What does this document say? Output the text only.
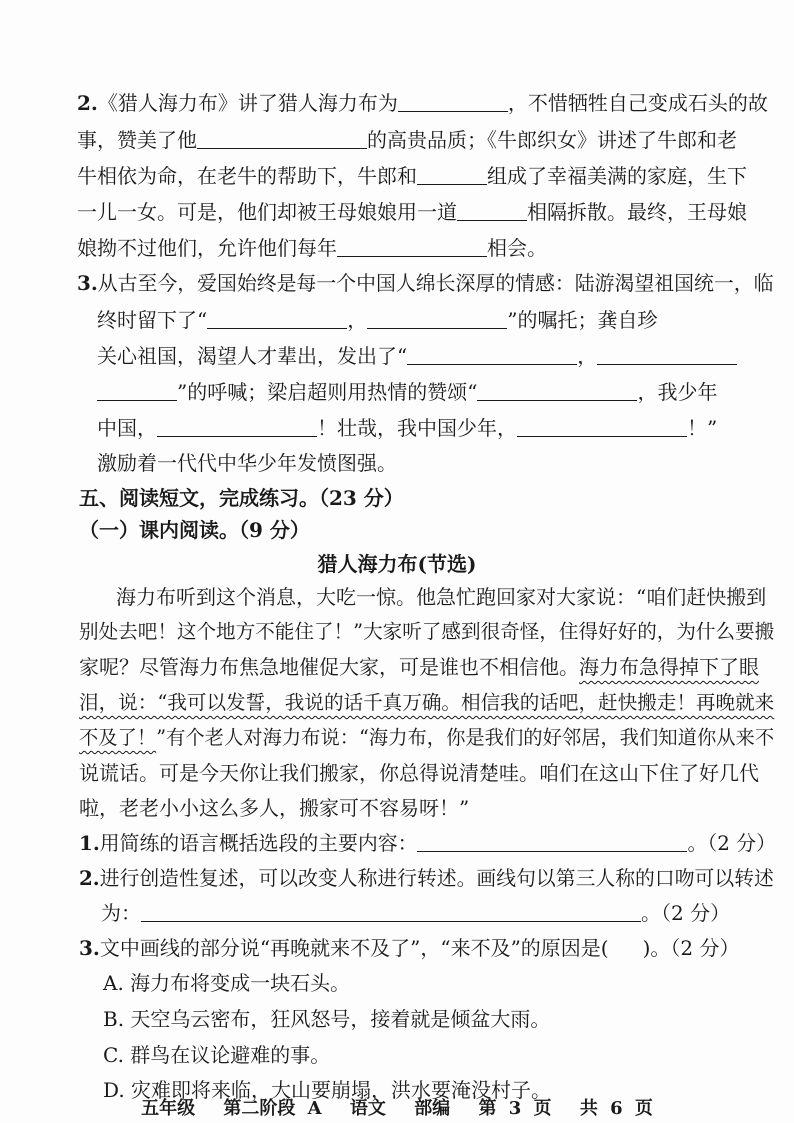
2.《猎人海力布》讲了猎人海力布为	，不惜牺牲自己变成石头的故
事，赞美了他	的高贵品质；《牛郎织女》讲述了牛郎和老
牛相依为命，在老牛的帮助下，牛郎和	组成了幸福美满的家庭，生下
一儿一女。可是，他们却被王母娘娘用一道	相隔拆散。最终，王母娘
娘拗不过他们，允许他们每年	相会。
3.从古至今，爱国始终是每一个中国人绵长深厚的情感：陆游渴望祖国统一，临
终时留下了“	，	”的嘱托；龚自珍
关心祖国，渴望人才辈出，发出了“	，
”的呼喊；梁启超则用热情的赞颂“	，我少年
中国，	！壮哉，我中国少年，	！”
激励着一代代中华少年发愤图强。
五、阅读短文，完成练习。（23 分）
（一）课内阅读。（9 分）
猎人海力布(节选)
海力布听到这个消息，大吃一惊。他急忙跑回家对大家说：“咱们赶快搬到
别处去吧！这个地方不能住了！”大家听了感到很奇怪，住得好好的，为什么要搬
家呢？尽管海力布焦急地催促大家，可是谁也不相信他。海力布急得掉下了眼
泪，说：“我可以发誓，我说的话千真万确。相信我的话吧，赶快搬走！再晚就来
不及了！”有个老人对海力布说：“海力布，你是我们的好邻居，我们知道你从来不
说谎话。可是今天你让我们搬家，你总得说清楚哇。咱们在这山下住了好几代
啦，老老小小这么多人，搬家可不容易呀！”
1.用简练的语言概括选段的主要内容：	。（2 分）
2.进行创造性复述，可以改变人称进行转述。画线句以第三人称的口吻可以转述
为：	。（2 分）
3.文中画线的部分说“再晚就来不及了”，“来不及”的原因是( )。（2 分）
A. 海力布将变成一块石头。
B. 天空乌云密布，狂风怒号，接着就是倾盆大雨。
C. 群鸟在议论避难的事。
D. 灾难即将来临，大山要崩塌，洪水要淹没村子。
五年级 第二阶段 A 语文 部编 第 3 页 共 6 页
